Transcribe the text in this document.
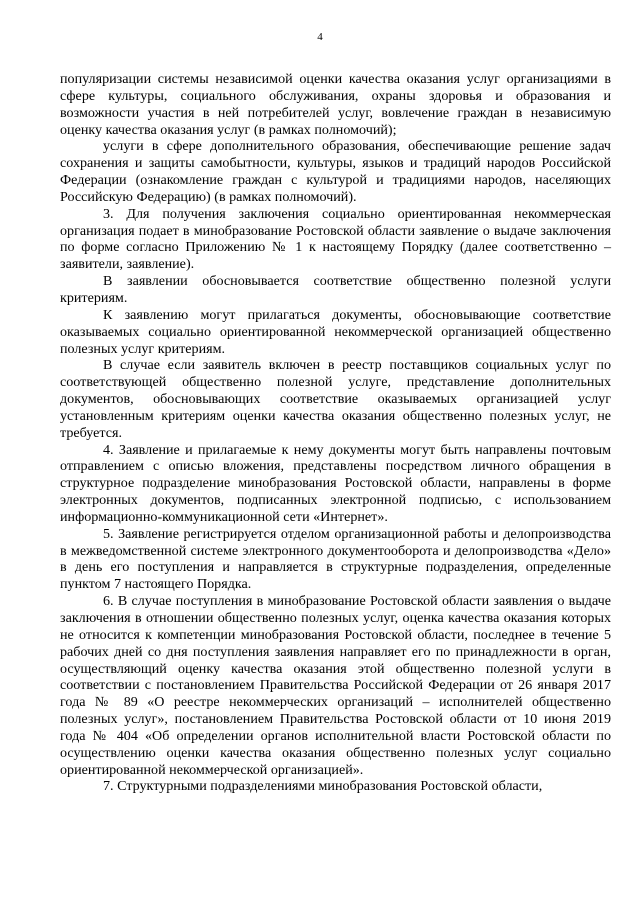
4

популяризации системы независимой оценки качества оказания услуг организациями в сфере культуры, социального обслуживания, охраны здоровья и образования и возможности участия в ней потребителей услуг, вовлечение граждан в независимую оценку качества оказания услуг (в рамках полномочий);

услуги в сфере дополнительного образования, обеспечивающие решение задач сохранения и защиты самобытности, культуры, языков и традиций народов Российской Федерации (ознакомление граждан с культурой и традициями народов, населяющих Российскую Федерацию) (в рамках полномочий).

3. Для получения заключения социально ориентированная некоммерческая организация подает в минобразование Ростовской области заявление о выдаче заключения по форме согласно Приложению № 1 к настоящему Порядку (далее соответственно – заявители, заявление).

В заявлении обосновывается соответствие общественно полезной услуги критериям.

К заявлению могут прилагаться документы, обосновывающие соответствие оказываемых социально ориентированной некоммерческой организацией общественно полезных услуг критериям.

В случае если заявитель включен в реестр поставщиков социальных услуг по соответствующей общественно полезной услуге, представление дополнительных документов, обосновывающих соответствие оказываемых организацией услуг установленным критериям оценки качества оказания общественно полезных услуг, не требуется.

4. Заявление и прилагаемые к нему документы могут быть направлены почтовым отправлением с описью вложения, представлены посредством личного обращения в структурное подразделение минобразования Ростовской области, направлены в форме электронных документов, подписанных электронной подписью, с использованием информационно-коммуникационной сети «Интернет».

5. Заявление регистрируется отделом организационной работы и делопроизводства в межведомственной системе электронного документооборота и делопроизводства «Дело» в день его поступления и направляется в структурные подразделения, определенные пунктом 7 настоящего Порядка.

6. В случае поступления в минобразование Ростовской области заявления о выдаче заключения в отношении общественно полезных услуг, оценка качества оказания которых не относится к компетенции минобразования Ростовской области, последнее в течение 5 рабочих дней со дня поступления заявления направляет его по принадлежности в орган, осуществляющий оценку качества оказания этой общественно полезной услуги в соответствии с постановлением Правительства Российской Федерации от 26 января 2017 года № 89 «О реестре некоммерческих организаций – исполнителей общественно полезных услуг», постановлением Правительства Ростовской области от 10 июня 2019 года № 404 «Об определении органов исполнительной власти Ростовской области по осуществлению оценки качества оказания общественно полезных услуг социально ориентированной некоммерческой организацией».

7. Структурными подразделениями минобразования Ростовской области,
